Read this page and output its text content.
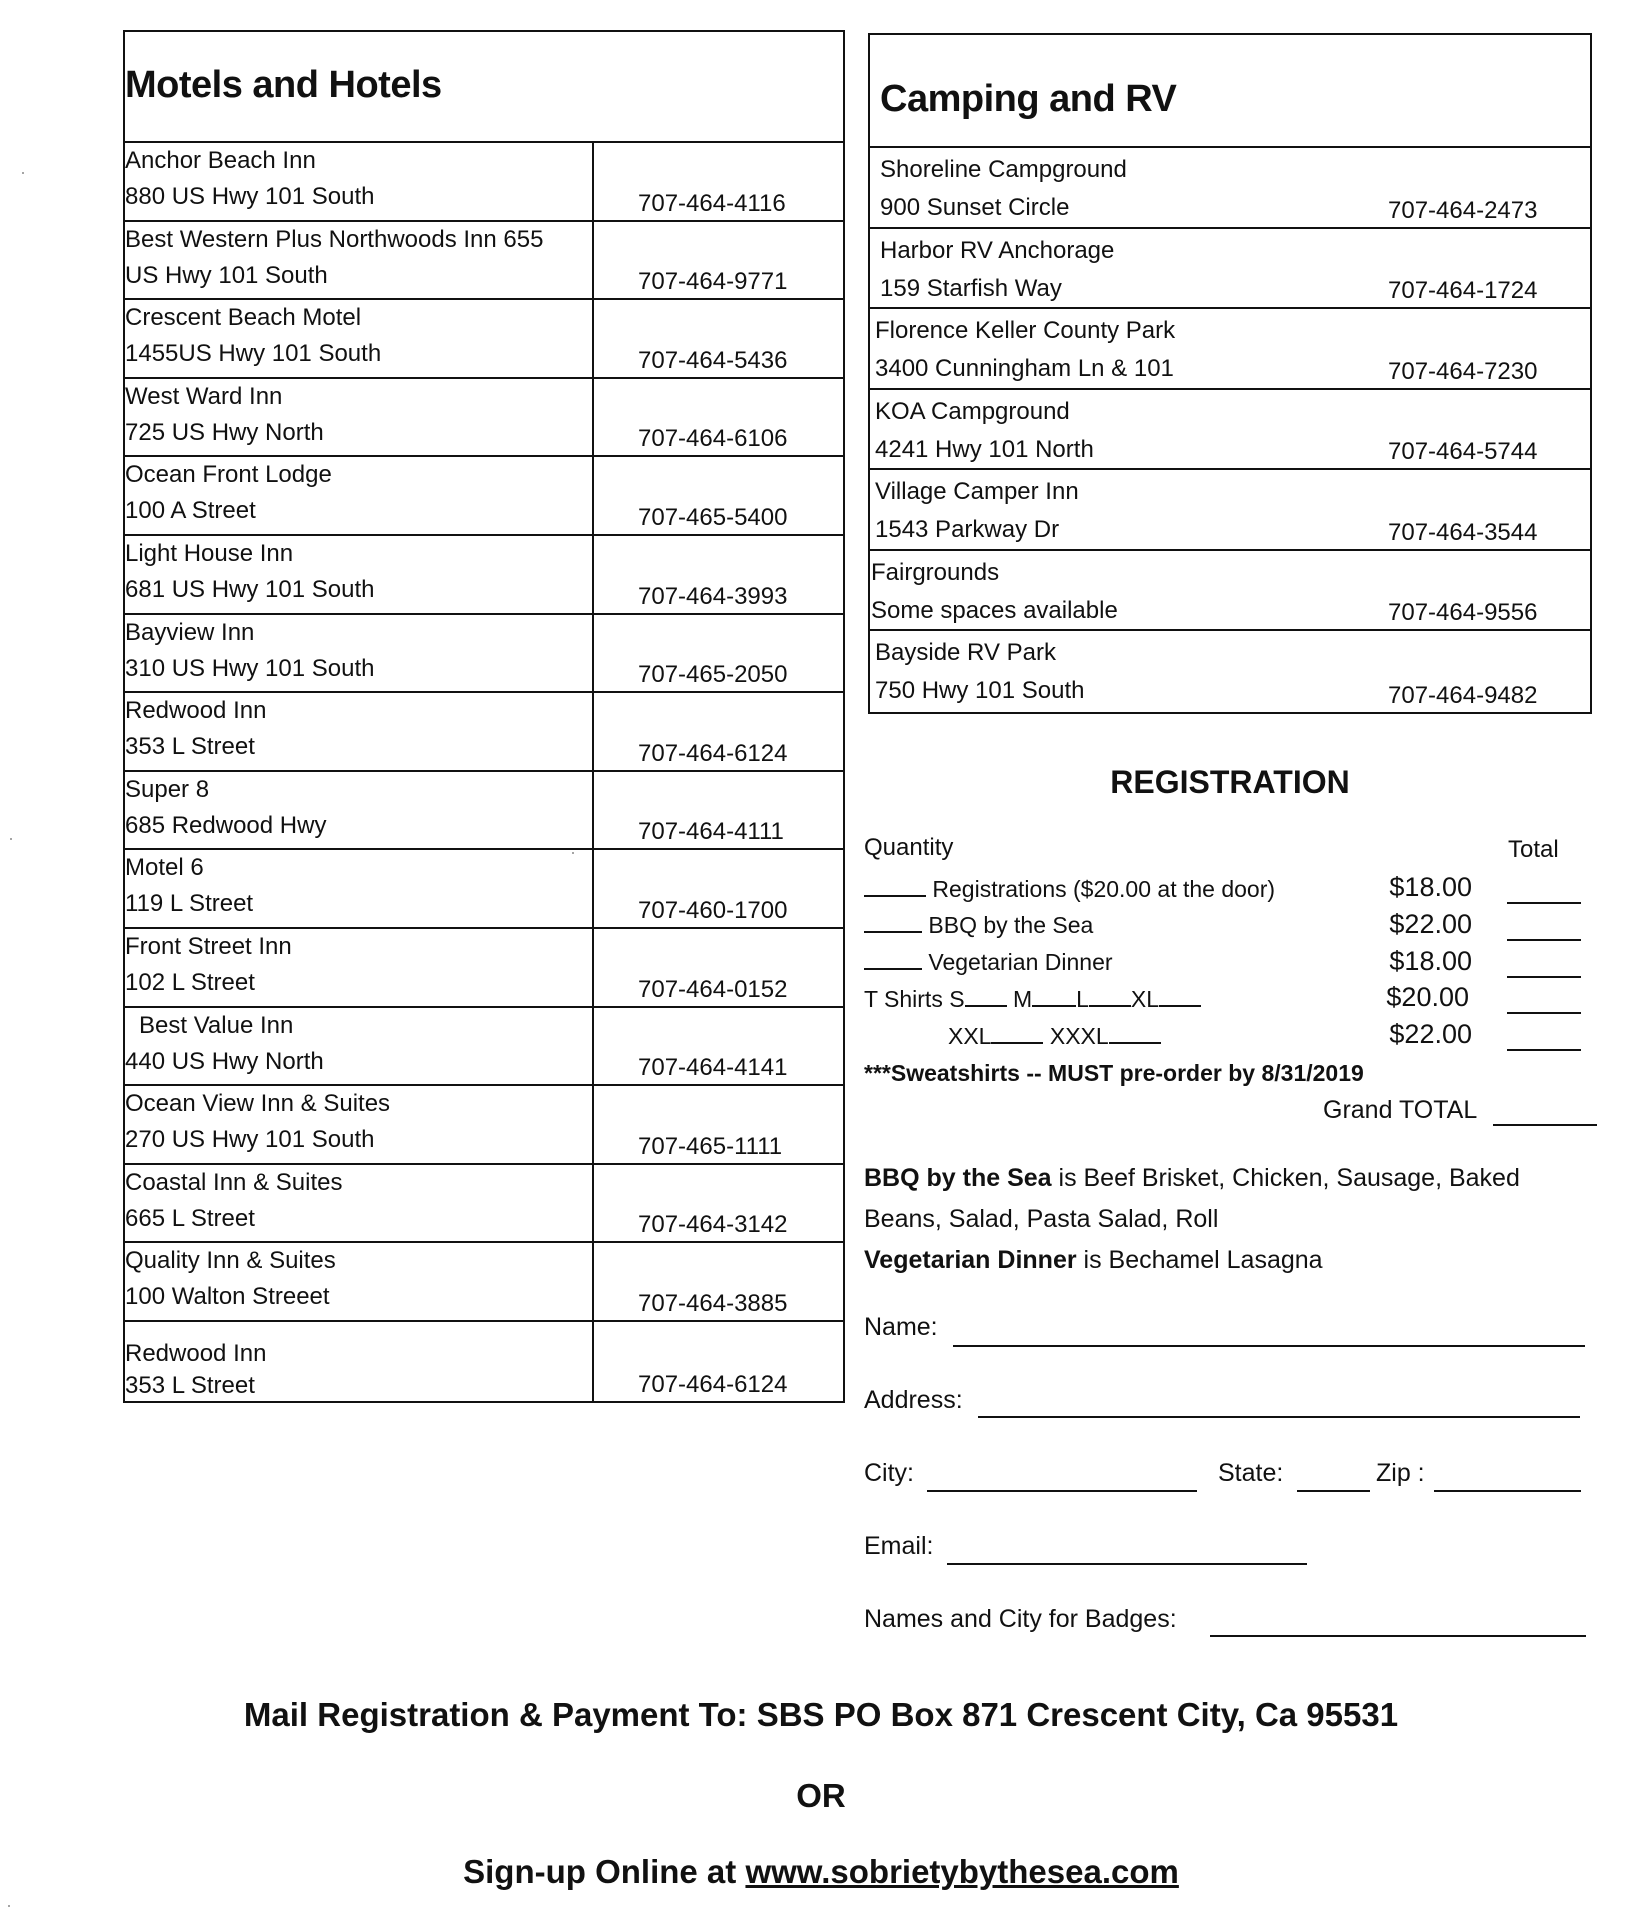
Motels and Hotels
Anchor Beach Inn
880 US Hwy 101 South	707-464-4116
Best Western Plus Northwoods Inn 655
US Hwy 101 South	707-464-9771
Crescent Beach Motel
1455US Hwy 101 South	707-464-5436
West Ward Inn
725 US Hwy North	707-464-6106
Ocean Front Lodge
100 A Street	707-465-5400
Light House Inn
681 US Hwy 101 South	707-464-3993
Bayview Inn
310 US Hwy 101 South	707-465-2050
Redwood Inn
353 L Street	707-464-6124
Super 8
685 Redwood Hwy	707-464-4111
Motel 6
119 L Street	707-460-1700
Front Street Inn
102 L Street	707-464-0152
Best Value Inn
440 US Hwy North	707-464-4141
Ocean View Inn & Suites
270 US Hwy 101 South	707-465-1111
Coastal Inn & Suites
665 L Street	707-464-3142
Quality Inn & Suites
100 Walton Streeet	707-464-3885
Redwood Inn
353 L Street	707-464-6124
Camping and RV
Shoreline Campground
900 Sunset Circle	707-464-2473
Harbor RV Anchorage
159 Starfish Way	707-464-1724
Florence Keller County Park
3400 Cunningham Ln & 101	707-464-7230
KOA Campground
4241 Hwy 101 North	707-464-5744
Village Camper Inn
1543 Parkway Dr	707-464-3544
Fairgrounds
Some spaces available	707-464-9556
Bayside RV Park
750 Hwy 101 South	707-464-9482
REGISTRATION
Quantity	Total
Registrations ($20.00 at the door)	$18.00
BBQ by the Sea	$22.00
Vegetarian Dinner	$18.00
T Shirts S M L XL	$20.00
XXL	XXXL	$22.00
***Sweatshirts -- MUST pre-order by 8/31/2019
Grand TOTAL
BBQ by the Sea is Beef Brisket, Chicken, Sausage, Baked
Beans, Salad, Pasta Salad, Roll
Vegetarian Dinner is Bechamel Lasagna
Name:
Address:
City:	State:	Zip :
Email:
Names and City for Badges:
Mail Registration & Payment To: SBS PO Box 871 Crescent City, Ca 95531
OR
Sign-up Online at www.sobrietybythesea.com
